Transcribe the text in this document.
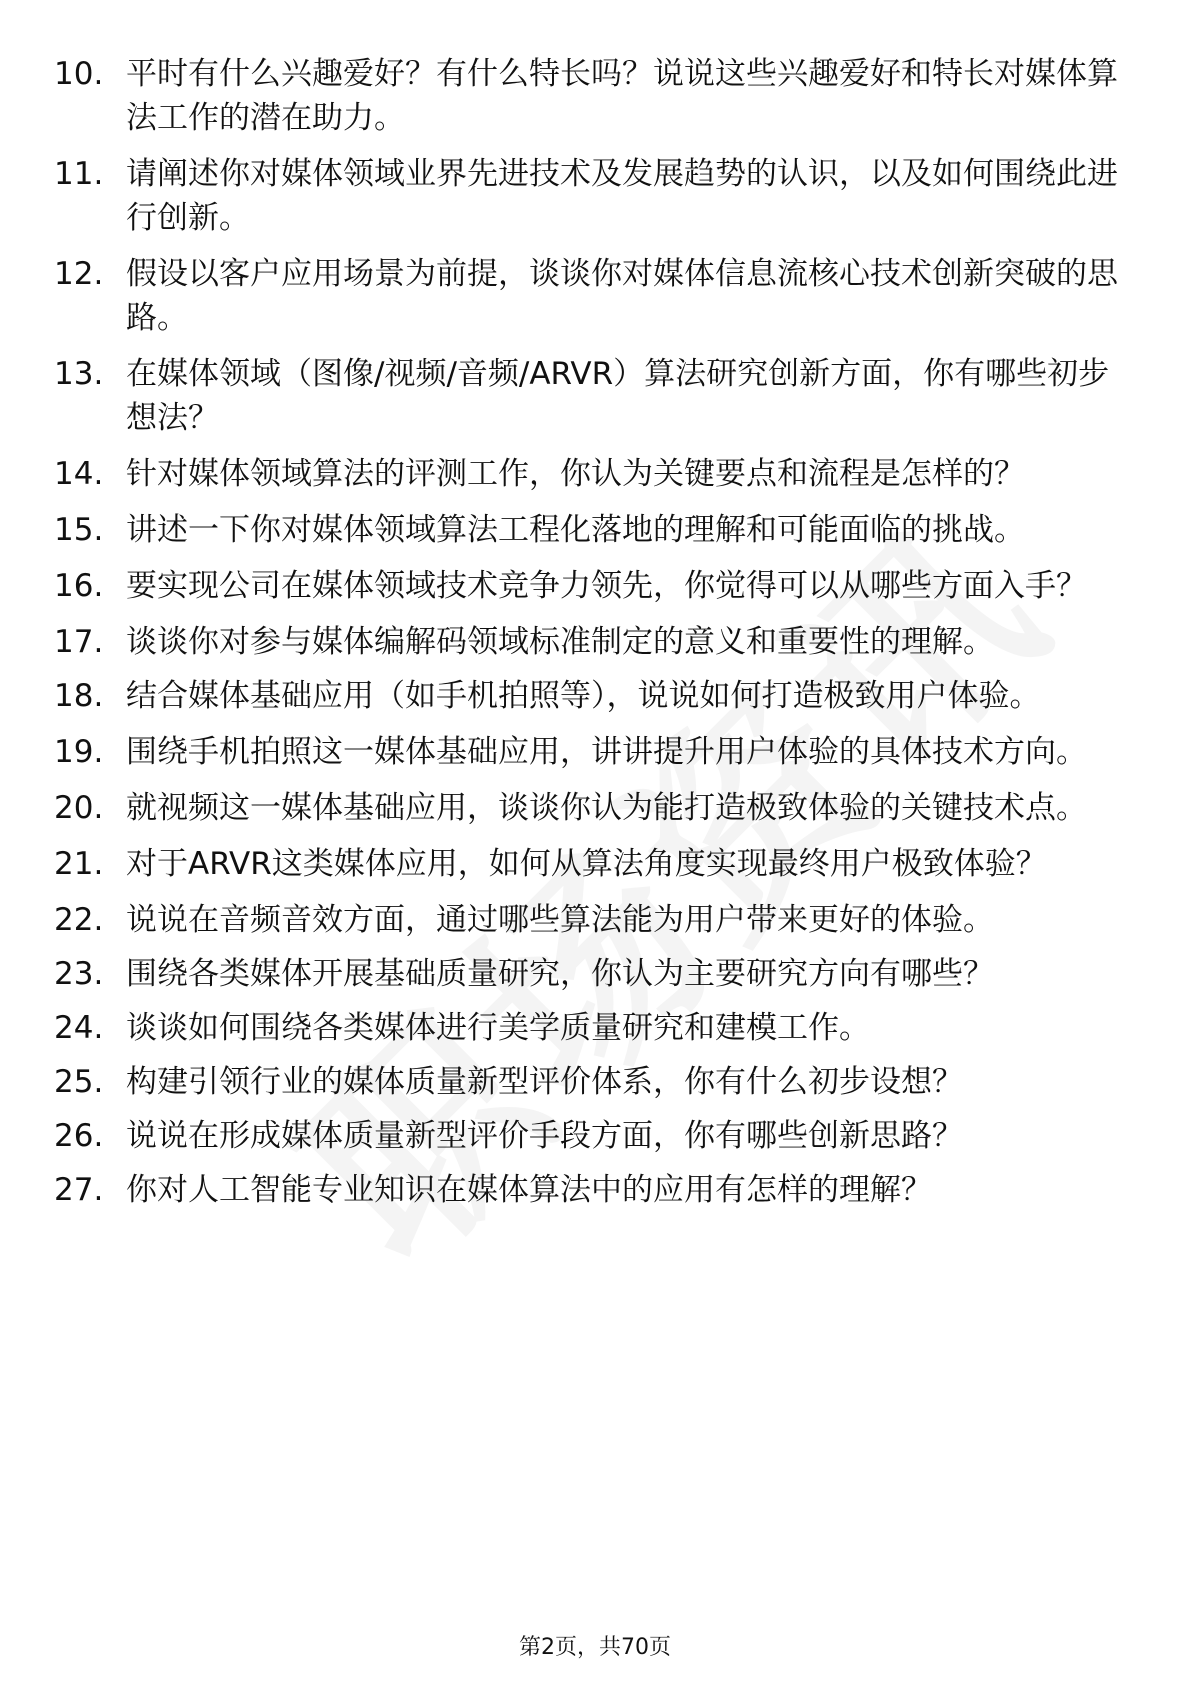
10. 平时有什么兴趣爱好？有什么特长吗？说说这些兴趣爱好和特长对媒体算法工作的潜在助力。
11. 请阐述你对媒体领域业界先进技术及发展趋势的认识，以及如何围绕此进行创新。
12. 假设以客户应用场景为前提，谈谈你对媒体信息流核心技术创新突破的思路。
13. 在媒体领域（图像/视频/音频/ARVR）算法研究创新方面，你有哪些初步想法？
14. 针对媒体领域算法的评测工作，你认为关键要点和流程是怎样的？
15. 讲述一下你对媒体领域算法工程化落地的理解和可能面临的挑战。
16. 要实现公司在媒体领域技术竞争力领先，你觉得可以从哪些方面入手？
17. 谈谈你对参与媒体编解码领域标准制定的意义和重要性的理解。
18. 结合媒体基础应用（如手机拍照等），说说如何打造极致用户体验。
19. 围绕手机拍照这一媒体基础应用，讲讲提升用户体验的具体技术方向。
20. 就视频这一媒体基础应用，谈谈你认为能打造极致体验的关键技术点。
21. 对于ARVR这类媒体应用，如何从算法角度实现最终用户极致体验？
22. 说说在音频音效方面，通过哪些算法能为用户带来更好的体验。
23. 围绕各类媒体开展基础质量研究，你认为主要研究方向有哪些？
24. 谈谈如何围绕各类媒体进行美学质量研究和建模工作。
25. 构建引领行业的媒体质量新型评价体系，你有什么初步设想？
26. 说说在形成媒体质量新型评价手段方面，你有哪些创新思路？
27. 你对人工智能专业知识在媒体算法中的应用有怎样的理解？
第2页，共70页
